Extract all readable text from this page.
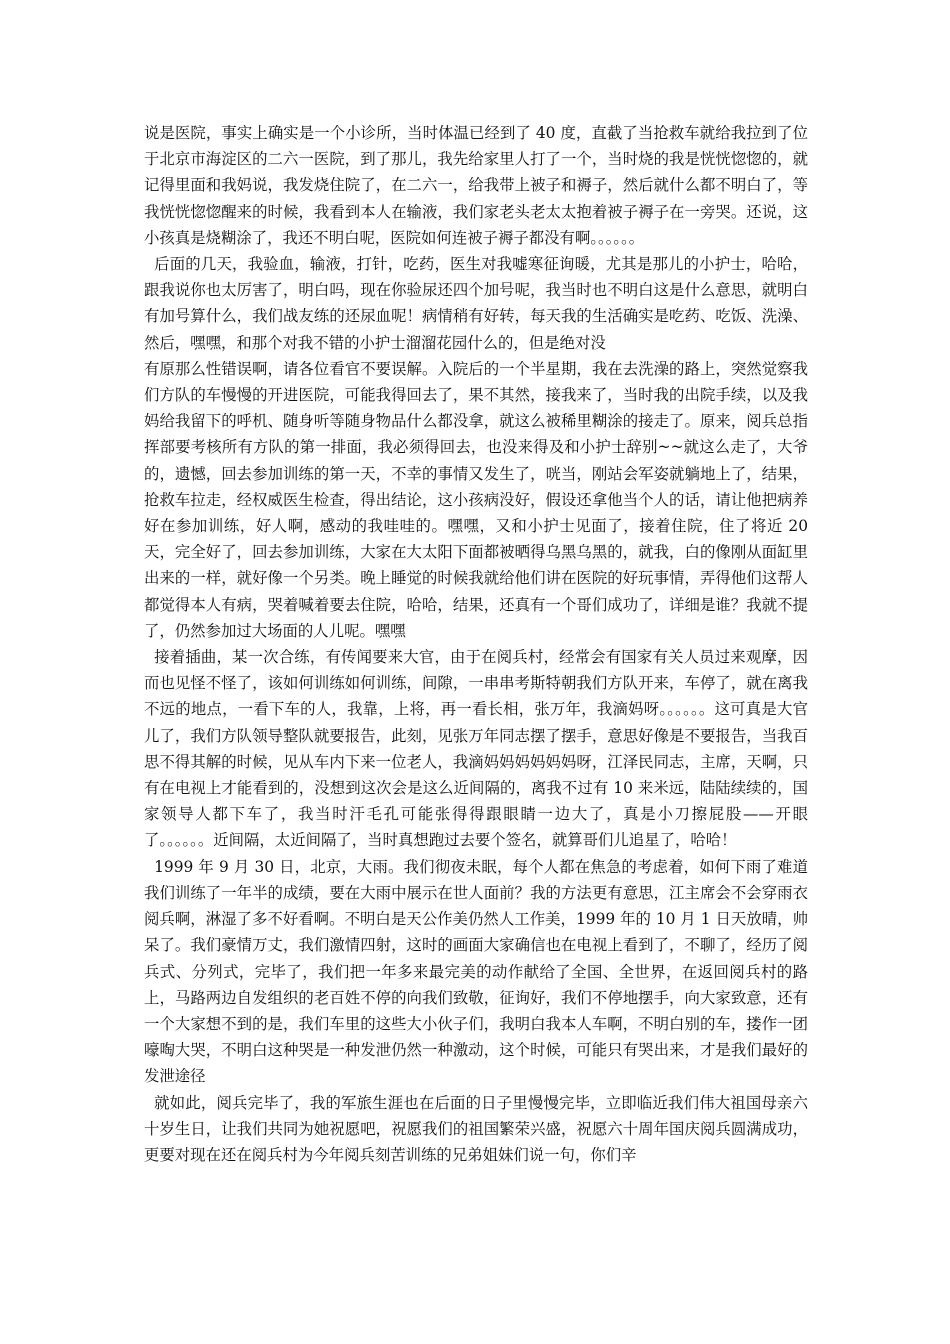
说是医院，事实上确实是一个小诊所，当时体温已经到了 40 度，直截了当抢救车就给我拉到了位于北京市海淀区的二六一医院，到了那儿，我先给家里人打了一个，当时烧的我是恍恍惚惚的，就记得里面和我妈说，我发烧住院了，在二六一，给我带上被子和褥子，然后就什么都不明白了，等我恍恍惚惚醒来的时候，我看到本人在输液，我们家老头老太太抱着被子褥子在一旁哭。还说，这小孩真是烧糊涂了，我还不明白呢，医院如何连被子褥子都没有啊。。。。。。

后面的几天，我验血，输液，打针，吃药，医生对我嘘寒征询暖，尤其是那儿的小护士，哈哈，跟我说你也太厉害了，明白吗，现在你验尿还四个加号呢，我当时也不明白这是什么意思，就明白有加号算什么，我们战友练的还尿血呢！病情稍有好转，每天我的生活确实是吃药、吃饭、洗澡、然后，嘿嘿，和那个对我不错的小护士溜溜花园什么的，但是绝对没

有原那么性错误啊，请各位看官不要误解。入院后的一个半星期，我在去洗澡的路上，突然觉察我们方队的车慢慢的开进医院，可能我得回去了，果不其然，接我来了，当时我的出院手续，以及我妈给我留下的呼机、随身听等随身物品什么都没拿，就这么被稀里糊涂的接走了。原来，阅兵总指挥部要考核所有方队的第一排面，我必须得回去，也没来得及和小护士辞别~~就这么走了，大爷的，遗憾，回去参加训练的第一天，不幸的事情又发生了，咣当，刚站会军姿就躺地上了，结果，抢救车拉走，经权威医生检查，得出结论，这小孩病没好，假设还拿他当个人的话，请让他把病养好在参加训练，好人啊，感动的我哇哇的。嘿嘿，又和小护士见面了，接着住院，住了将近 20 天，完全好了，回去参加训练，大家在大太阳下面都被晒得乌黑乌黑的，就我，白的像刚从面缸里出来的一样，就好像一个另类。晚上睡觉的时候我就给他们讲在医院的好玩事情，弄得他们这帮人都觉得本人有病，哭着喊着要去住院，哈哈，结果，还真有一个哥们成功了，详细是谁？我就不提了，仍然参加过大场面的人儿呢。嘿嘿

接着插曲，某一次合练，有传闻要来大官，由于在阅兵村，经常会有国家有关人员过来观摩，因而也见怪不怪了，该如何训练如何训练，间隙，一串串考斯特朝我们方队开来，车停了，就在离我不远的地点，一看下车的人，我靠，上将，再一看长相，张万年，我滴妈呀。。。。。。这可真是大官儿了，我们方队领导整队就要报告，此刻，见张万年同志摆了摆手，意思好像是不要报告，当我百思不得其解的时候，见从车内下来一位老人，我滴妈妈妈妈妈妈呀，江泽民同志，主席，天啊，只有在电视上才能看到的，没想到这次会是这么近间隔的，离我不过有 10 来米远，陆陆续续的，国家领导人都下车了，我当时汗毛孔可能张得得跟眼睛一边大了，真是小刀擦屁股——开眼了。。。。。。近间隔，太近间隔了，当时真想跑过去要个签名，就算哥们儿追星了，哈哈！

1999 年 9 月 30 日，北京，大雨。我们彻夜未眠，每个人都在焦急的考虑着，如何下雨了难道我们训练了一年半的成绩，要在大雨中展示在世人面前？我的方法更有意思，江主席会不会穿雨衣阅兵啊，淋湿了多不好看啊。不明白是天公作美仍然人工作美，1999 年的 10 月 1 日天放晴，帅呆了。我们豪情万丈，我们激情四射，这时的画面大家确信也在电视上看到了，不聊了，经历了阅兵式、分列式，完毕了，我们把一年多来最完美的动作献给了全国、全世界，在返回阅兵村的路上，马路两边自发组织的老百姓不停的向我们致敬，征询好，我们不停地摆手，向大家致意，还有一个大家想不到的是，我们车里的这些大小伙子们，我明白我本人车啊，不明白别的车，搂作一团嚎啕大哭，不明白这种哭是一种发泄仍然一种激动，这个时候，可能只有哭出来，才是我们最好的发泄途径

就如此，阅兵完毕了，我的军旅生涯也在后面的日子里慢慢完毕，立即临近我们伟大祖国母亲六十岁生日，让我们共同为她祝愿吧，祝愿我们的祖国繁荣兴盛，祝愿六十周年国庆阅兵圆满成功，更要对现在还在阅兵村为今年阅兵刻苦训练的兄弟姐妹们说一句，你们辛
